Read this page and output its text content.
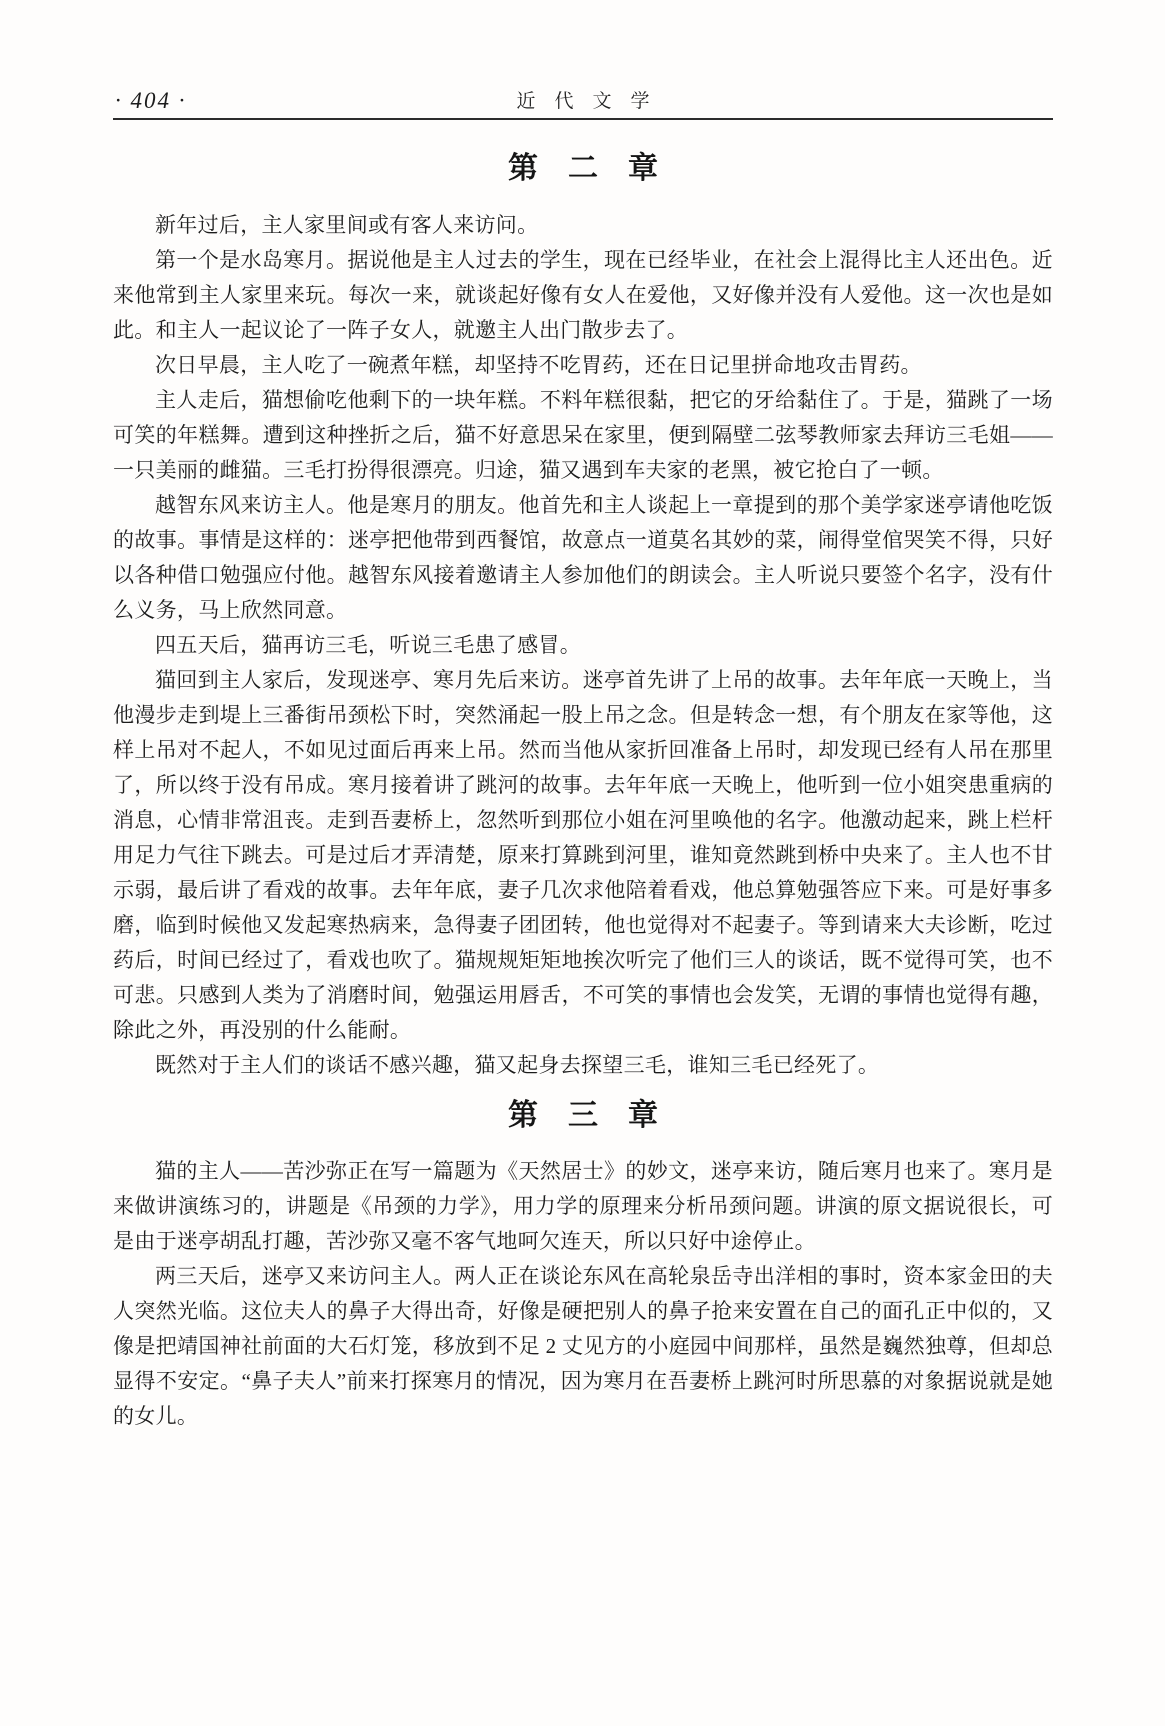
· 404 ·	近　代　文　学
第　二　章

新年过后，主人家里间或有客人来访问。

第一个是水岛寒月。据说他是主人过去的学生，现在已经毕业，在社会上混得比主人还出色。近来他常到主人家里来玩。每次一来，就谈起好像有女人在爱他，又好像并没有人爱他。这一次也是如此。和主人一起议论了一阵子女人，就邀主人出门散步去了。

次日早晨，主人吃了一碗煮年糕，却坚持不吃胃药，还在日记里拼命地攻击胃药。

主人走后，猫想偷吃他剩下的一块年糕。不料年糕很黏，把它的牙给黏住了。于是，猫跳了一场可笑的年糕舞。遭到这种挫折之后，猫不好意思呆在家里，便到隔壁二弦琴教师家去拜访三毛姐——一只美丽的雌猫。三毛打扮得很漂亮。归途，猫又遇到车夫家的老黑，被它抢白了一顿。

越智东风来访主人。他是寒月的朋友。他首先和主人谈起上一章提到的那个美学家迷亭请他吃饭的故事。事情是这样的：迷亭把他带到西餐馆，故意点一道莫名其妙的菜，闹得堂倌哭笑不得，只好以各种借口勉强应付他。越智东风接着邀请主人参加他们的朗读会。主人听说只要签个名字，没有什么义务，马上欣然同意。

四五天后，猫再访三毛，听说三毛患了感冒。

猫回到主人家后，发现迷亭、寒月先后来访。迷亭首先讲了上吊的故事。去年年底一天晚上，当他漫步走到堤上三番街吊颈松下时，突然涌起一股上吊之念。但是转念一想，有个朋友在家等他，这样上吊对不起人，不如见过面后再来上吊。然而当他从家折回准备上吊时，却发现已经有人吊在那里了，所以终于没有吊成。寒月接着讲了跳河的故事。去年年底一天晚上，他听到一位小姐突患重病的消息，心情非常沮丧。走到吾妻桥上，忽然听到那位小姐在河里唤他的名字。他激动起来，跳上栏杆用足力气往下跳去。可是过后才弄清楚，原来打算跳到河里，谁知竟然跳到桥中央来了。主人也不甘示弱，最后讲了看戏的故事。去年年底，妻子几次求他陪着看戏，他总算勉强答应下来。可是好事多磨，临到时候他又发起寒热病来，急得妻子团团转，他也觉得对不起妻子。等到请来大夫诊断，吃过药后，时间已经过了，看戏也吹了。猫规规矩矩地挨次听完了他们三人的谈话，既不觉得可笑，也不可悲。只感到人类为了消磨时间，勉强运用唇舌，不可笑的事情也会发笑，无谓的事情也觉得有趣，除此之外，再没别的什么能耐。

既然对于主人们的谈话不感兴趣，猫又起身去探望三毛，谁知三毛已经死了。

第　三　章

猫的主人——苦沙弥正在写一篇题为《天然居士》的妙文，迷亭来访，随后寒月也来了。寒月是来做讲演练习的，讲题是《吊颈的力学》，用力学的原理来分析吊颈问题。讲演的原文据说很长，可是由于迷亭胡乱打趣，苦沙弥又毫不客气地呵欠连天，所以只好中途停止。

两三天后，迷亭又来访问主人。两人正在谈论东风在高轮泉岳寺出洋相的事时，资本家金田的夫人突然光临。这位夫人的鼻子大得出奇，好像是硬把别人的鼻子抢来安置在自己的面孔正中似的，又像是把靖国神社前面的大石灯笼，移放到不足 2 丈见方的小庭园中间那样，虽然是巍然独尊，但却总显得不安定。“鼻子夫人”前来打探寒月的情况，因为寒月在吾妻桥上跳河时所思慕的对象据说就是她的女儿。
